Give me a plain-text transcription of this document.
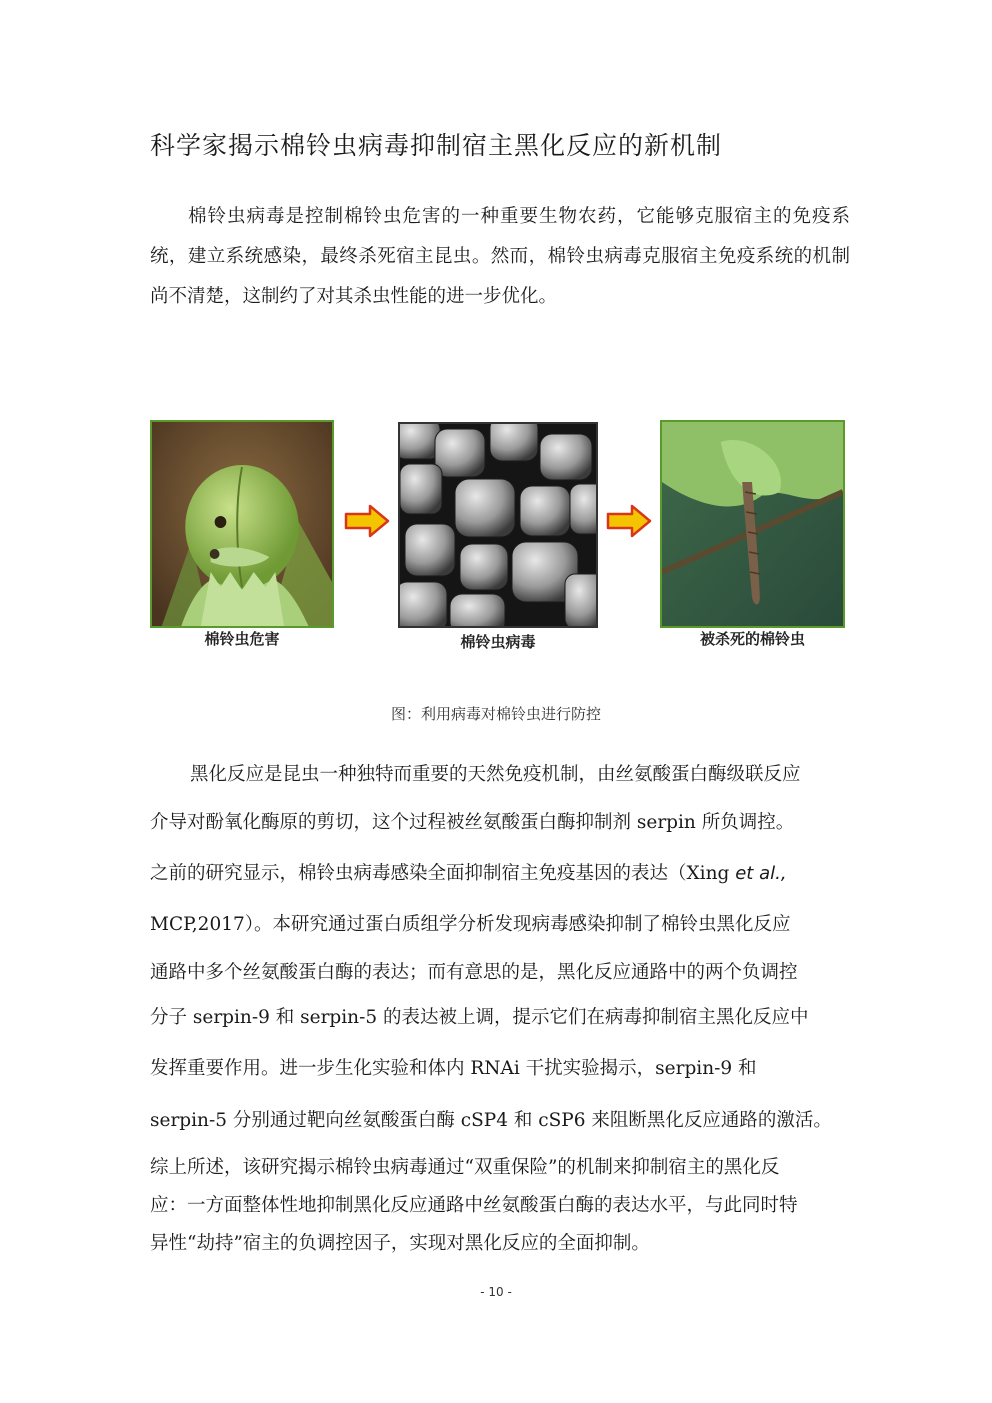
科学家揭示棉铃虫病毒抑制宿主黑化反应的新机制

棉铃虫病毒是控制棉铃虫危害的一种重要生物农药，它能够克服宿主的免疫系统，建立系统感染，最终杀死宿主昆虫。然而，棉铃虫病毒克服宿主免疫系统的机制尚不清楚，这制约了对其杀虫性能的进一步优化。

棉铃虫危害	棉铃虫病毒	被杀死的棉铃虫

图：利用病毒对棉铃虫进行防控

黑化反应是昆虫一种独特而重要的天然免疫机制，由丝氨酸蛋白酶级联反应

介导对酚氧化酶原的剪切，这个过程被丝氨酸蛋白酶抑制剂 serpin 所负调控。

之前的研究显示，棉铃虫病毒感染全面抑制宿主免疫基因的表达（Xing et al.,

MCP,2017）。本研究通过蛋白质组学分析发现病毒感染抑制了棉铃虫黑化反应

通路中多个丝氨酸蛋白酶的表达；而有意思的是，黑化反应通路中的两个负调控

分子 serpin-9 和 serpin-5 的表达被上调，提示它们在病毒抑制宿主黑化反应中

发挥重要作用。进一步生化实验和体内 RNAi 干扰实验揭示，serpin-9 和

serpin-5 分别通过靶向丝氨酸蛋白酶 cSP4 和 cSP6 来阻断黑化反应通路的激活。

综上所述，该研究揭示棉铃虫病毒通过“双重保险”的机制来抑制宿主的黑化反

应：一方面整体性地抑制黑化反应通路中丝氨酸蛋白酶的表达水平，与此同时特

异性“劫持”宿主的负调控因子，实现对黑化反应的全面抑制。

- 10 -
